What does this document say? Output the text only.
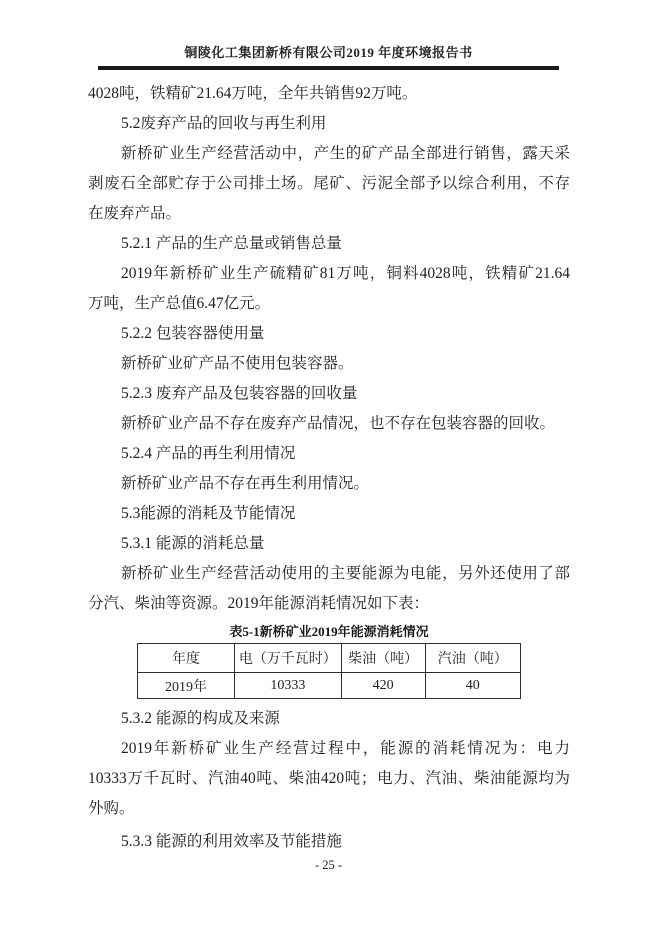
铜陵化工集团新桥有限公司2019 年度环境报告书
4028吨，铁精矿21.64万吨，全年共销售92万吨。
5.2废弃产品的回收与再生利用
新桥矿业生产经营活动中，产生的矿产品全部进行销售，露天采
剥废石全部贮存于公司排土场。尾矿、污泥全部予以综合利用，不存
在废弃产品。
5.2.1 产品的生产总量或销售总量
2019年新桥矿业生产硫精矿81万吨，铜料4028吨，铁精矿21.64
万吨，生产总值6.47亿元。
5.2.2 包装容器使用量
新桥矿业矿产品不使用包装容器。
5.2.3 废弃产品及包装容器的回收量
新桥矿业产品不存在废弃产品情况，也不存在包装容器的回收。
5.2.4 产品的再生利用情况
新桥矿业产品不存在再生利用情况。
5.3能源的消耗及节能情况
5.3.1 能源的消耗总量
新桥矿业生产经营活动使用的主要能源为电能，另外还使用了部
分汽、柴油等资源。2019年能源消耗情况如下表：
表5-1新桥矿业2019年能源消耗情况
年度	电（万千瓦时）	柴油（吨）	汽油（吨）
2019年	10333	420	40
5.3.2 能源的构成及来源
2019年新桥矿业生产经营过程中，能源的消耗情况为：电力
10333万千瓦时、汽油40吨、柴油420吨；电力、汽油、柴油能源均为
外购。
5.3.3 能源的利用效率及节能措施
- 25 -
